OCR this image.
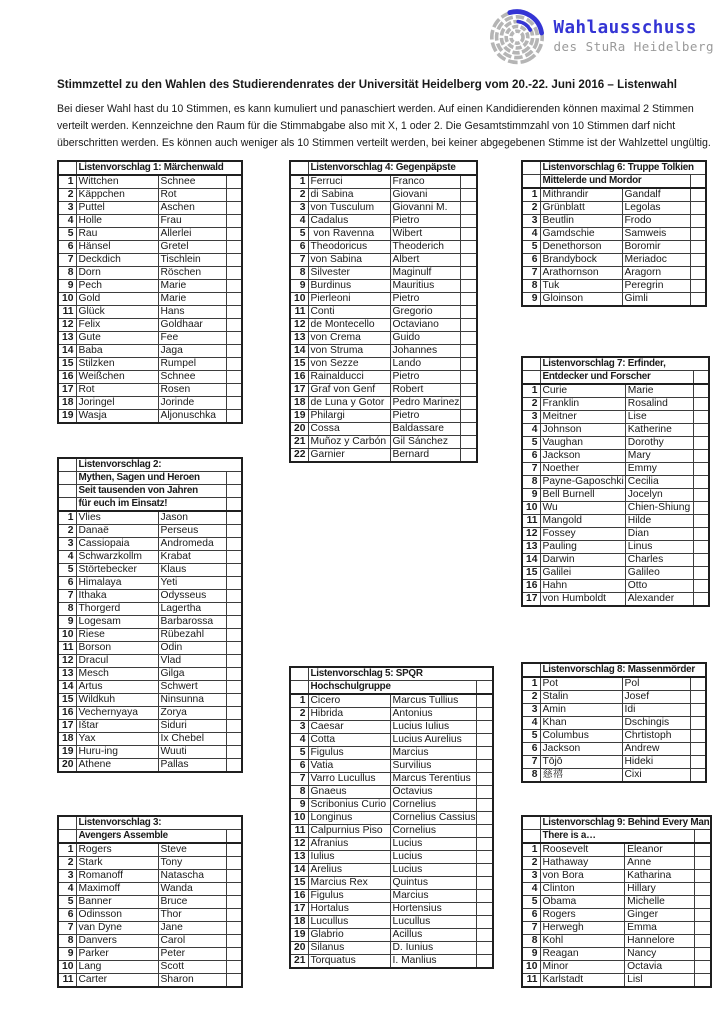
Wahlausschuss
des StuRa Heidelberg
Stimmzettel zu den Wahlen des Studierendenrates der Universität Heidelberg vom 20.-22. Juni 2016 – Listenwahl

Bei dieser Wahl hast du 10 Stimmen, es kann kumuliert und panaschiert werden. Auf einen Kandidierenden können maximal 2 Stimmen verteilt werden. Kennzeichne den Raum für die Stimmabgabe also mit X, 1 oder 2. Die Gesamtstimmzahl von 10 Stimmen darf nicht überschritten werden. Es können auch weniger als 10 Stimmen verteilt werden, bei keiner abgegebenen Stimme ist der Wahlzettel ungültig.

	Listenvorschlag 1: Märchenwald		
1	Wittchen	Schnee	
2	Käppchen	Rot	
3	Puttel	Aschen	
4	Holle	Frau	
5	Rau	Allerlei	
6	Hänsel	Gretel	
7	Deckdich	Tischlein	
8	Dorn	Röschen	
9	Pech	Marie	
10	Gold	Marie	
11	Glück	Hans	
12	Felix	Goldhaar	
13	Gute	Fee	
14	Baba	Jaga	
15	Stilzken	Rumpel	
16	Weißchen	Schnee	
17	Rot	Rosen	
18	Joringel	Jorinde	
19	Wasja	Aljonuschka	
	Listenvorschlag 2:		
	Mythen, Sagen und Heroen		
	Seit tausenden von Jahren		
	für euch im Einsatz!		
1	Vlies	Jason	
2	Danaë	Perseus	
3	Cassiopaia	Andromeda	
4	Schwarzkollm	Krabat	
5	Störtebecker	Klaus	
6	Himalaya	Yeti	
7	Ithaka	Odysseus	
8	Thorgerd	Lagertha	
9	Logesam	Barbarossa	
10	Riese	Rübezahl	
11	Borson	Odin	
12	Dracul	Vlad	
13	Mesch	Gilga	
14	Artus	Schwert	
15	Wildkuh	Ninsunna	
16	Vechernyaya	Zorya	
17	Ištar	Siduri	
18	Yax	Ix Chebel	
19	Huru-ing	Wuuti	
20	Athene	Pallas	
	Listenvorschlag 3:		
	Avengers Assemble		
1	Rogers	Steve	
2	Stark	Tony	
3	Romanoff	Natascha	
4	Maximoff	Wanda	
5	Banner	Bruce	
6	Odinsson	Thor	
7	van Dyne	Jane	
8	Danvers	Carol	
9	Parker	Peter	
10	Lang	Scott	
11	Carter	Sharon	
	Listenvorschlag 4: Gegenpäpste		
1	Ferruci	Franco	
2	di Sabina	Giovani	
3	von Tusculum	Giovanni M.	
4	Cadalus	Pietro	
5	von Ravenna	Wibert	
6	Theodoricus	Theoderich	
7	von Sabina	Albert	
8	Silvester	Maginulf	
9	Burdinus	Mauritius	
10	Pierleoni	Pietro	
11	Conti	Gregorio	
12	de Montecello	Octaviano	
13	von Crema	Guido	
14	von Struma	Johannes	
15	von Sezze	Lando	
16	Rainalducci	Pietro	
17	Graf von Genf	Robert	
18	de Luna y Gotor	Pedro Marinez	
19	Philargi	Pietro	
20	Cossa	Baldassare	
21	Muñoz y Carbón	Gil Sánchez	
22	Garnier	Bernard	
	Listenvorschlag 5: SPQR		
	Hochschulgruppe		
1	Cicero	Marcus Tullius	
2	Hibrida	Antonius	
3	Caesar	Lucius Iulius	
4	Cotta	Lucius Aurelius	
5	Figulus	Marcius	
6	Vatia	Survilius	
7	Varro Lucullus	Marcus Terentius	
8	Gnaeus	Octavius	
9	Scribonius Curio	Cornelius	
10	Longinus	Cornelius Cassius	
11	Calpurnius Piso	Cornelius	
12	Afranius	Lucius	
13	Iulius	Lucius	
14	Arelius	Lucius	
15	Marcius Rex	Quintus	
16	Figulus	Marcius	
17	Hortalus	Hortensius	
18	Lucullus	Lucullus	
19	Glabrio	Acillus	
20	Silanus	D. Iunius	
21	Torquatus	I. Manlius	
	Listenvorschlag 6: Truppe Tolkien		
	Mittelerde und Mordor		
1	Mithrandir	Gandalf	
2	Grünblatt	Legolas	
3	Beutlin	Frodo	
4	Gamdschie	Samweis	
5	Denethorson	Boromir	
6	Brandybock	Meriadoc	
7	Arathornson	Aragorn	
8	Tuk	Peregrin	
9	Gloinson	Gimli	
	Listenvorschlag 7: Erfinder,		
	Entdecker und Forscher		
1	Curie	Marie	
2	Franklin	Rosalind	
3	Meitner	Lise	
4	Johnson	Katherine	
5	Vaughan	Dorothy	
6	Jackson	Mary	
7	Noether	Emmy	
8	Payne-Gaposchki	Cecilia	
9	Bell Burnell	Jocelyn	
10	Wu	Chien-Shiung	
11	Mangold	Hilde	
12	Fossey	Dian	
13	Pauling	Linus	
14	Darwin	Charles	
15	Galilei	Galileo	
16	Hahn	Otto	
17	von Humboldt	Alexander	
	Listenvorschlag 8: Massenmörder		
1	Pot	Pol	
2	Stalin	Josef	
3	Amin	Idi	
4	Khan	Dschingis	
5	Columbus	Chrtistoph	
6	Jackson	Andrew	
7	Tōjō	Hideki	
8	慈禧	Cixi	
	Listenvorschlag 9: Behind Every Man		
	There is a…		
1	Roosevelt	Eleanor	
2	Hathaway	Anne	
3	von Bora	Katharina	
4	Clinton	Hillary	
5	Obama	Michelle	
6	Rogers	Ginger	
7	Herwegh	Emma	
8	Kohl	Hannelore	
9	Reagan	Nancy	
10	Minor	Octavia	
11	Karlstadt	Lisl	
